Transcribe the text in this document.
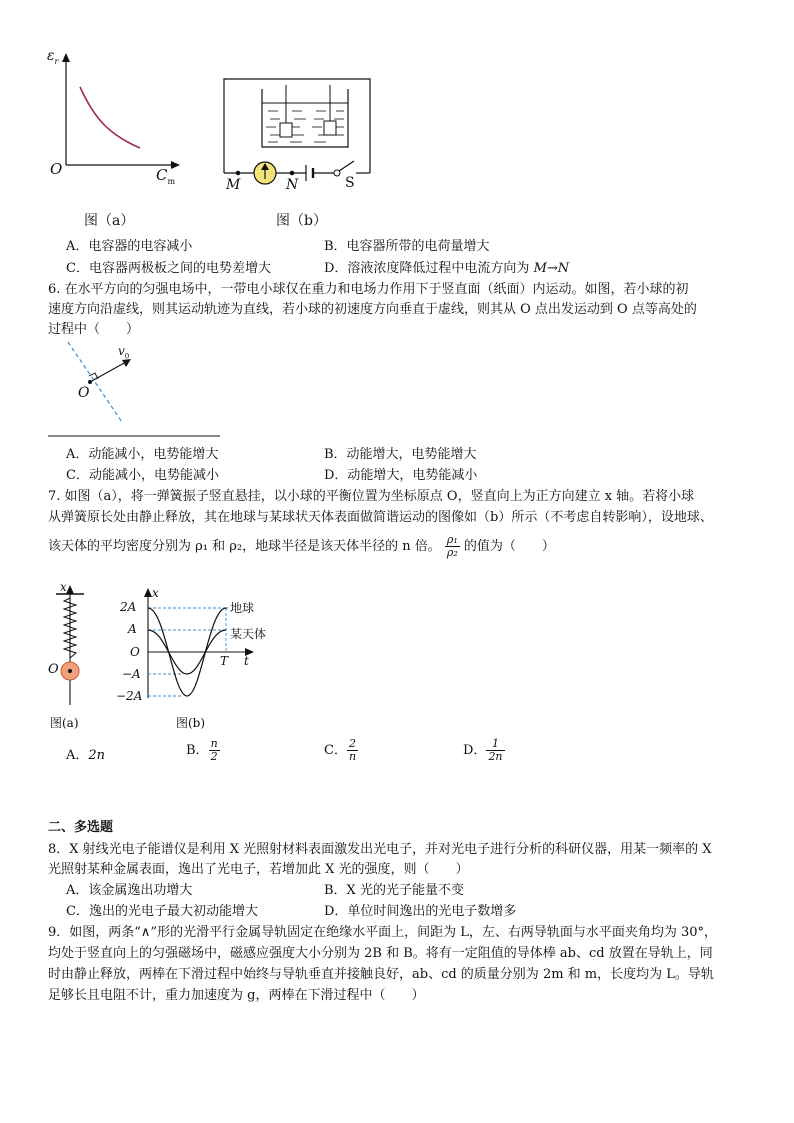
$\varepsilon_r$
O	$C_m$
图（a）
M	N	S
图（b）
A．电容器的电容减小	B．电容器所带的电荷量增大
C．电容器两极板之间的电势差增大	D．溶液浓度降低过程中电流方向为 M→N
6. 在水平方向的匀强电场中，一带电小球仅在重力和电场力作用下于竖直面（纸面）内运动。如图，若小球的初
速度方向沿虚线，则其运动轨迹为直线，若小球的初速度方向垂直于虚线，则其从 O 点出发运动到 O 点等高处的
过程中（　　）
$v_0$
O
A．动能减小，电势能增大	B．动能增大，电势能增大
C．动能减小，电势能减小	D．动能增大，电势能减小
7. 如图（a），将一弹簧振子竖直悬挂，以小球的平衡位置为坐标原点 O，竖直向上为正方向建立 x 轴。若将小球
从弹簧原长处由静止释放，其在地球与某球状天体表面做简谐运动的图像如（b）所示（不考虑自转影响），设地球、
该天体的平均密度分别为 ρ₁ 和 ρ₂，地球半径是该天体半径的 n 倍。 $\frac{\text{ρ₁}}{\text{ρ₂}}$ 的值为（　　）
x
O
图(a)
x
2A
A
O
−A
−2A
T t
地球
某天体
图(b)
A．2n	B． $\frac{n}{2}$	C． $\frac{2}{n}$	D． $\frac{1}{2n}$
二、多选题
8．X 射线光电子能谱仪是利用 X 光照射材料表面激发出光电子，并对光电子进行分析的科研仪器，用某一频率的 X
光照射某种金属表面，逸出了光电子，若增加此 X 光的强度，则（　　）
A．该金属逸出功增大	B．X 光的光子能量不变
C．逸出的光电子最大初动能增大	D．单位时间逸出的光电子数增多
9．如图，两条“∧”形的光滑平行金属导轨固定在绝缘水平面上，间距为 L，左、右两导轨面与水平面夹角均为 30°，
均处于竖直向上的匀强磁场中，磁感应强度大小分别为 2B 和 B。将有一定阻值的导体棒 ab、cd 放置在导轨上，同
时由静止释放，两棒在下滑过程中始终与导轨垂直并接触良好，ab、cd 的质量分别为 2m 和 m，长度均为 L。导轨
足够长且电阻不计，重力加速度为 g，两棒在下滑过程中（　　）
